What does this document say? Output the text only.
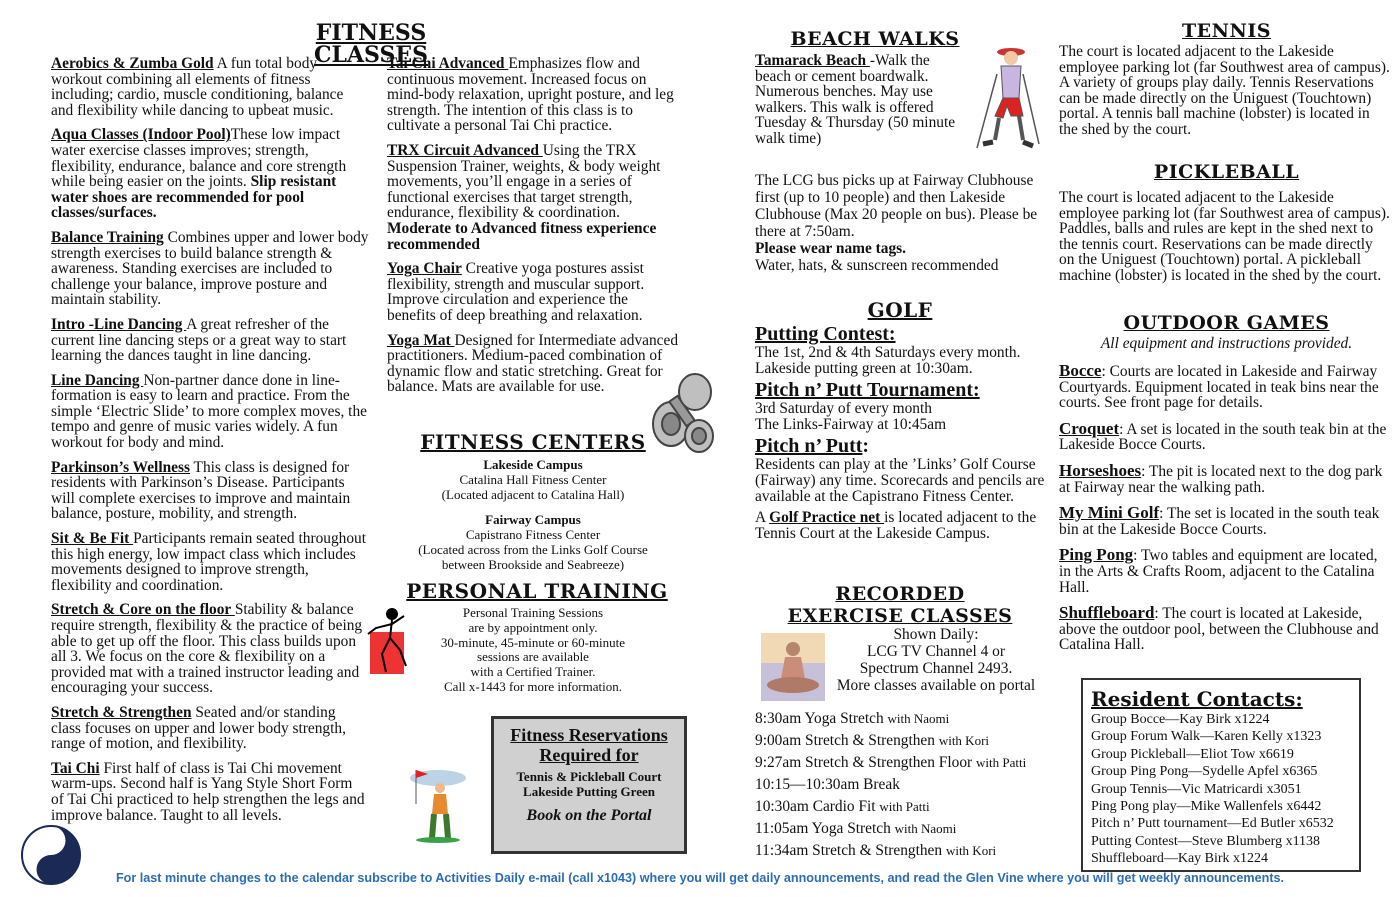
FITNESS CLASSES

Aerobics & Zumba Gold A fun total body workout combining all elements of fitness including; cardio, muscle conditioning, balance and flexibility while dancing to upbeat music.

Aqua Classes (Indoor Pool)These low impact water exercise classes improves; strength, flexibility, endurance, balance and core strength while being easier on the joints. Slip resistant water shoes are recommended for pool classes/surfaces.

Balance Training Combines upper and lower body strength exercises to build balance strength & awareness. Standing exercises are included to challenge your balance, improve posture and maintain stability.

Intro -Line Dancing A great refresher of the current line dancing steps or a great way to start learning the dances taught in line dancing.

Line Dancing Non-partner dance done in line-formation is easy to learn and practice. From the simple ‘Electric Slide’ to more complex moves, the tempo and genre of music varies widely. A fun workout for body and mind.

Parkinson’s Wellness This class is designed for residents with Parkinson’s Disease. Participants will complete exercises to improve and maintain balance, posture, mobility, and strength.

Sit & Be Fit Participants remain seated throughout this high energy, low impact class which includes movements designed to improve strength, flexibility and coordination.

Stretch & Core on the floor Stability & balance require strength, flexibility & the practice of being able to get up off the floor. This class builds upon all 3. We focus on the core & flexibility on a provided mat with a trained instructor leading and encouraging your success.

Stretch & Strengthen Seated and/or standing class focuses on upper and lower body strength, range of motion, and flexibility.

Tai Chi First half of class is Tai Chi movement warm-ups. Second half is Yang Style Short Form of Tai Chi practiced to help strengthen the legs and improve balance. Taught to all levels.

Tai Chi Advanced Emphasizes flow and continuous movement. Increased focus on mind-body relaxation, upright posture, and leg strength. The intention of this class is to cultivate a personal Tai Chi practice.

TRX Circuit Advanced Using the TRX Suspension Trainer, weights, & body weight movements, you’ll engage in a series of functional exercises that target strength, endurance, flexibility & coordination. Moderate to Advanced fitness experience recommended

Yoga Chair Creative yoga postures assist flexibility, strength and muscular support. Improve circulation and experience the benefits of deep breathing and relaxation.

Yoga Mat Designed for Intermediate advanced practitioners. Medium-paced combination of dynamic flow and static stretching. Great for balance. Mats are available for use.

FITNESS CENTERS
Lakeside Campus
Catalina Hall Fitness Center
(Located adjacent to Catalina Hall)
Fairway Campus
Capistrano Fitness Center
(Located across from the Links Golf Course
between Brookside and Seabreeze)
PERSONAL TRAINING
Personal Training Sessions
are by appointment only.
30-minute, 45-minute or 60-minute
sessions are available
with a Certified Trainer.
Call x-1443 for more information.
Fitness Reservations
Required for
Tennis & Pickleball Court
Lakeside Putting Green
Book on the Portal
BEACH WALKS
Tamarack Beach -Walk the beach or cement boardwalk. Numerous benches. May use walkers. This walk is offered Tuesday & Thursday (50 minute walk time)

The LCG bus picks up at Fairway Clubhouse first (up to 10 people) and then Lakeside Clubhouse (Max 20 people on bus). Please be there at 7:50am.

Please wear name tags.

Water, hats, & sunscreen recommended

GOLF
Putting Contest:
The 1st, 2nd & 4th Saturdays every month.
Lakeside putting green at 10:30am.
Pitch n’ Putt Tournament:
3rd Saturday of every month
The Links-Fairway at 10:45am
Pitch n’ Putt:
Residents can play at the ’Links’ Golf Course (Fairway) any time. Scorecards and pencils are available at the Capistrano Fitness Center.
A Golf Practice net is located adjacent to the Tennis Court at the Lakeside Campus.
RECORDED
EXERCISE CLASSES
Shown Daily:
LCG TV Channel 4 or
Spectrum Channel 2493.
More classes available on portal
8:30am Yoga Stretch with Naomi
9:00am Stretch & Strengthen with Kori
9:27am Stretch & Strengthen Floor with Patti
10:15—10:30am Break
10:30am Cardio Fit with Patti
11:05am Yoga Stretch with Naomi
11:34am Stretch & Strengthen with Kori
TENNIS
The court is located adjacent to the Lakeside employee parking lot (far Southwest area of campus). A variety of groups play daily. Tennis Reservations can be made directly on the Uniguest (Touchtown) portal. A tennis ball machine (lobster) is located in the shed by the court.
PICKLEBALL
The court is located adjacent to the Lakeside employee parking lot (far Southwest area of campus). Paddles, balls and rules are kept in the shed next to the tennis court. Reservations can be made directly on the Uniguest (Touchtown) portal. A pickleball machine (lobster) is located in the shed by the court.
OUTDOOR GAMES
All equipment and instructions provided.

Bocce: Courts are located in Lakeside and Fairway Courtyards. Equipment located in teak bins near the courts. See front page for details.

Croquet: A set is located in the south teak bin at the Lakeside Bocce Courts.

Horseshoes: The pit is located next to the dog park at Fairway near the walking path.

My Mini Golf: The set is located in the south teak bin at the Lakeside Bocce Courts.

Ping Pong: Two tables and equipment are located, in the Arts & Crafts Room, adjacent to the Catalina Hall.

Shuffleboard: The court is located at Lakeside, above the outdoor pool, between the Clubhouse and Catalina Hall.

Resident Contacts:
Group Bocce—Kay Birk x1224
Group Forum Walk—Karen Kelly x1323
Group Pickleball—Eliot Tow x6619
Group Ping Pong—Sydelle Apfel x6365
Group Tennis—Vic Matricardi x3051
Ping Pong play—Mike Wallenfels x6442
Pitch n’ Putt tournament—Ed Butler x6532
Putting Contest—Steve Blumberg x1138
Shuffleboard—Kay Birk x1224
For last minute changes to the calendar subscribe to Activities Daily e-mail (call x1043) where you will get daily announcements, and read the Glen Vine where you will get weekly announcements.
